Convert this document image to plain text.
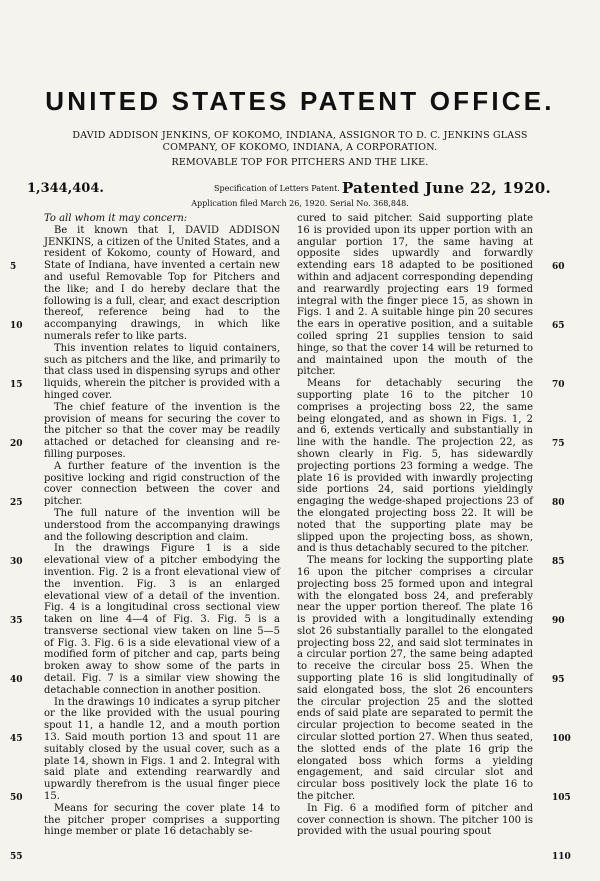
UNITED STATES PATENT OFFICE.
DAVID ADDISON JENKINS, OF KOKOMO, INDIANA, ASSIGNOR TO D. C. JENKINS GLASS
COMPANY, OF KOKOMO, INDIANA, A CORPORATION.
REMOVABLE TOP FOR PITCHERS AND THE LIKE.
1,344,404.	Specification of Letters Patent. Patented June 22, 1920.
Application filed March 26, 1920. Serial No. 368,848.

To all whom it may concern:

Be it known that I, DAVID ADDISON JENKINS, a citizen of the United States, and a resident of Kokomo, county of Howard, and State of Indiana, have invented a certain new and useful Removable Top for Pitchers and the like; and I do hereby declare that the following is a full, clear, and exact description thereof, reference being had to the accompanying drawings, in which like numerals refer to like parts.

This invention relates to liquid containers, such as pitchers and the like, and primarily to that class used in dispensing syrups and other liquids, wherein the pitcher is provided with a hinged cover.

The chief feature of the invention is the provision of means for securing the cover to the pitcher so that the cover may be readily attached or detached for cleansing and re-filling purposes.

A further feature of the invention is the positive locking and rigid construction of the cover connection between the cover and pitcher.

The full nature of the invention will be understood from the accompanying drawings and the following description and claim.

In the drawings Figure 1 is a side elevational view of a pitcher embodying the invention. Fig. 2 is a front elevational view of the invention. Fig. 3 is an enlarged elevational view of a detail of the invention. Fig. 4 is a longitudinal cross sectional view taken on line 4—4 of Fig. 3. Fig. 5 is a transverse sectional view taken on line 5—5 of Fig. 3. Fig. 6 is a side elevational view of a modified form of pitcher and cap, parts being broken away to show some of the parts in detail. Fig. 7 is a similar view showing the detachable connection in another position.

In the drawings 10 indicates a syrup pitcher or the like provided with the usual pouring spout 11, a handle 12, and a mouth portion 13. Said mouth portion 13 and spout 11 are suitably closed by the usual cover, such as a plate 14, shown in Figs. 1 and 2. Integral with said plate and extending rearwardly and upwardly therefrom is the usual finger piece 15.

Means for securing the cover plate 14 to the pitcher proper comprises a supporting hinge member or plate 16 detachably se-

cured to said pitcher. Said supporting plate 16 is provided upon its upper portion with an angular portion 17, the same having at opposite sides upwardly and forwardly extending ears 18 adapted to be positioned within and adjacent corresponding depending and rearwardly projecting ears 19 formed integral with the finger piece 15, as shown in Figs. 1 and 2. A suitable hinge pin 20 secures the ears in operative position, and a suitable coiled spring 21 supplies tension to said hinge, so that the cover 14 will be returned to and maintained upon the mouth of the pitcher.

Means for detachably securing the supporting plate 16 to the pitcher 10 comprises a projecting boss 22, the same being elongated, and as shown in Figs. 1, 2 and 6, extends vertically and substantially in line with the handle. The projection 22, as shown clearly in Fig. 5, has sidewardly projecting portions 23 forming a wedge. The plate 16 is provided with inwardly projecting side portions 24, said portions yieldingly engaging the wedge-shaped projections 23 of the elongated projecting boss 22. It will be noted that the supporting plate may be slipped upon the projecting boss, as shown, and is thus detachably secured to the pitcher.

The means for locking the supporting plate 16 upon the pitcher comprises a circular projecting boss 25 formed upon and integral with the elongated boss 24, and preferably near the upper portion thereof. The plate 16 is provided with a longitudinally extending slot 26 substantially parallel to the elongated projecting boss 22, and said slot terminates in a circular portion 27, the same being adapted to receive the circular boss 25. When the supporting plate 16 is slid longitudinally of said elongated boss, the slot 26 encounters the circular projection 25 and the slotted ends of said plate are separated to permit the circular projection to become seated in the circular slotted portion 27. When thus seated, the slotted ends of the plate 16 grip the elongated boss which forms a yielding engagement, and said circular slot and circular boss positively lock the plate 16 to the pitcher.

In Fig. 6 a modified form of pitcher and cover connection is shown. The pitcher 100 is provided with the usual pouring spout

5
10
15
20
25
30
35
40
45
50
55
60
65
70
75
80
85
90
95
100
105
110
